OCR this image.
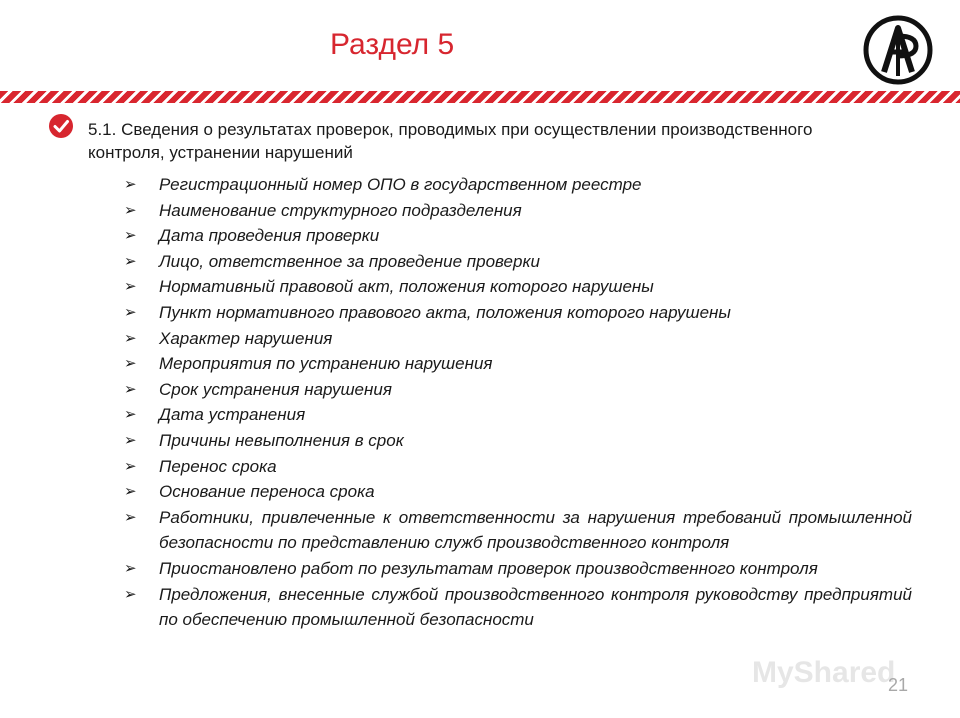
Раздел 5
5.1. Сведения о результатах проверок, проводимых при осуществлении производственного контроля, устранении нарушений
➢ Регистрационный номер ОПО в государственном реестре
➢ Наименование структурного подразделения
➢ Дата проведения проверки
➢ Лицо, ответственное за проведение проверки
➢ Нормативный правовой акт, положения которого нарушены
➢ Пункт нормативного правового акта, положения которого нарушены
➢ Характер нарушения
➢ Мероприятия по устранению нарушения
➢ Срок устранения нарушения
➢ Дата устранения
➢ Причины невыполнения в срок
➢ Перенос срока
➢ Основание переноса срока
➢ Работники, привлеченные к ответственности за нарушения требований промышленной безопасности по представлению служб производственного контроля
➢ Приостановлено работ по результатам проверок производственного контроля
➢ Предложения, внесенные службой производственного контроля руководству предприятий по обеспечению промышленной безопасности
MyShared
21
